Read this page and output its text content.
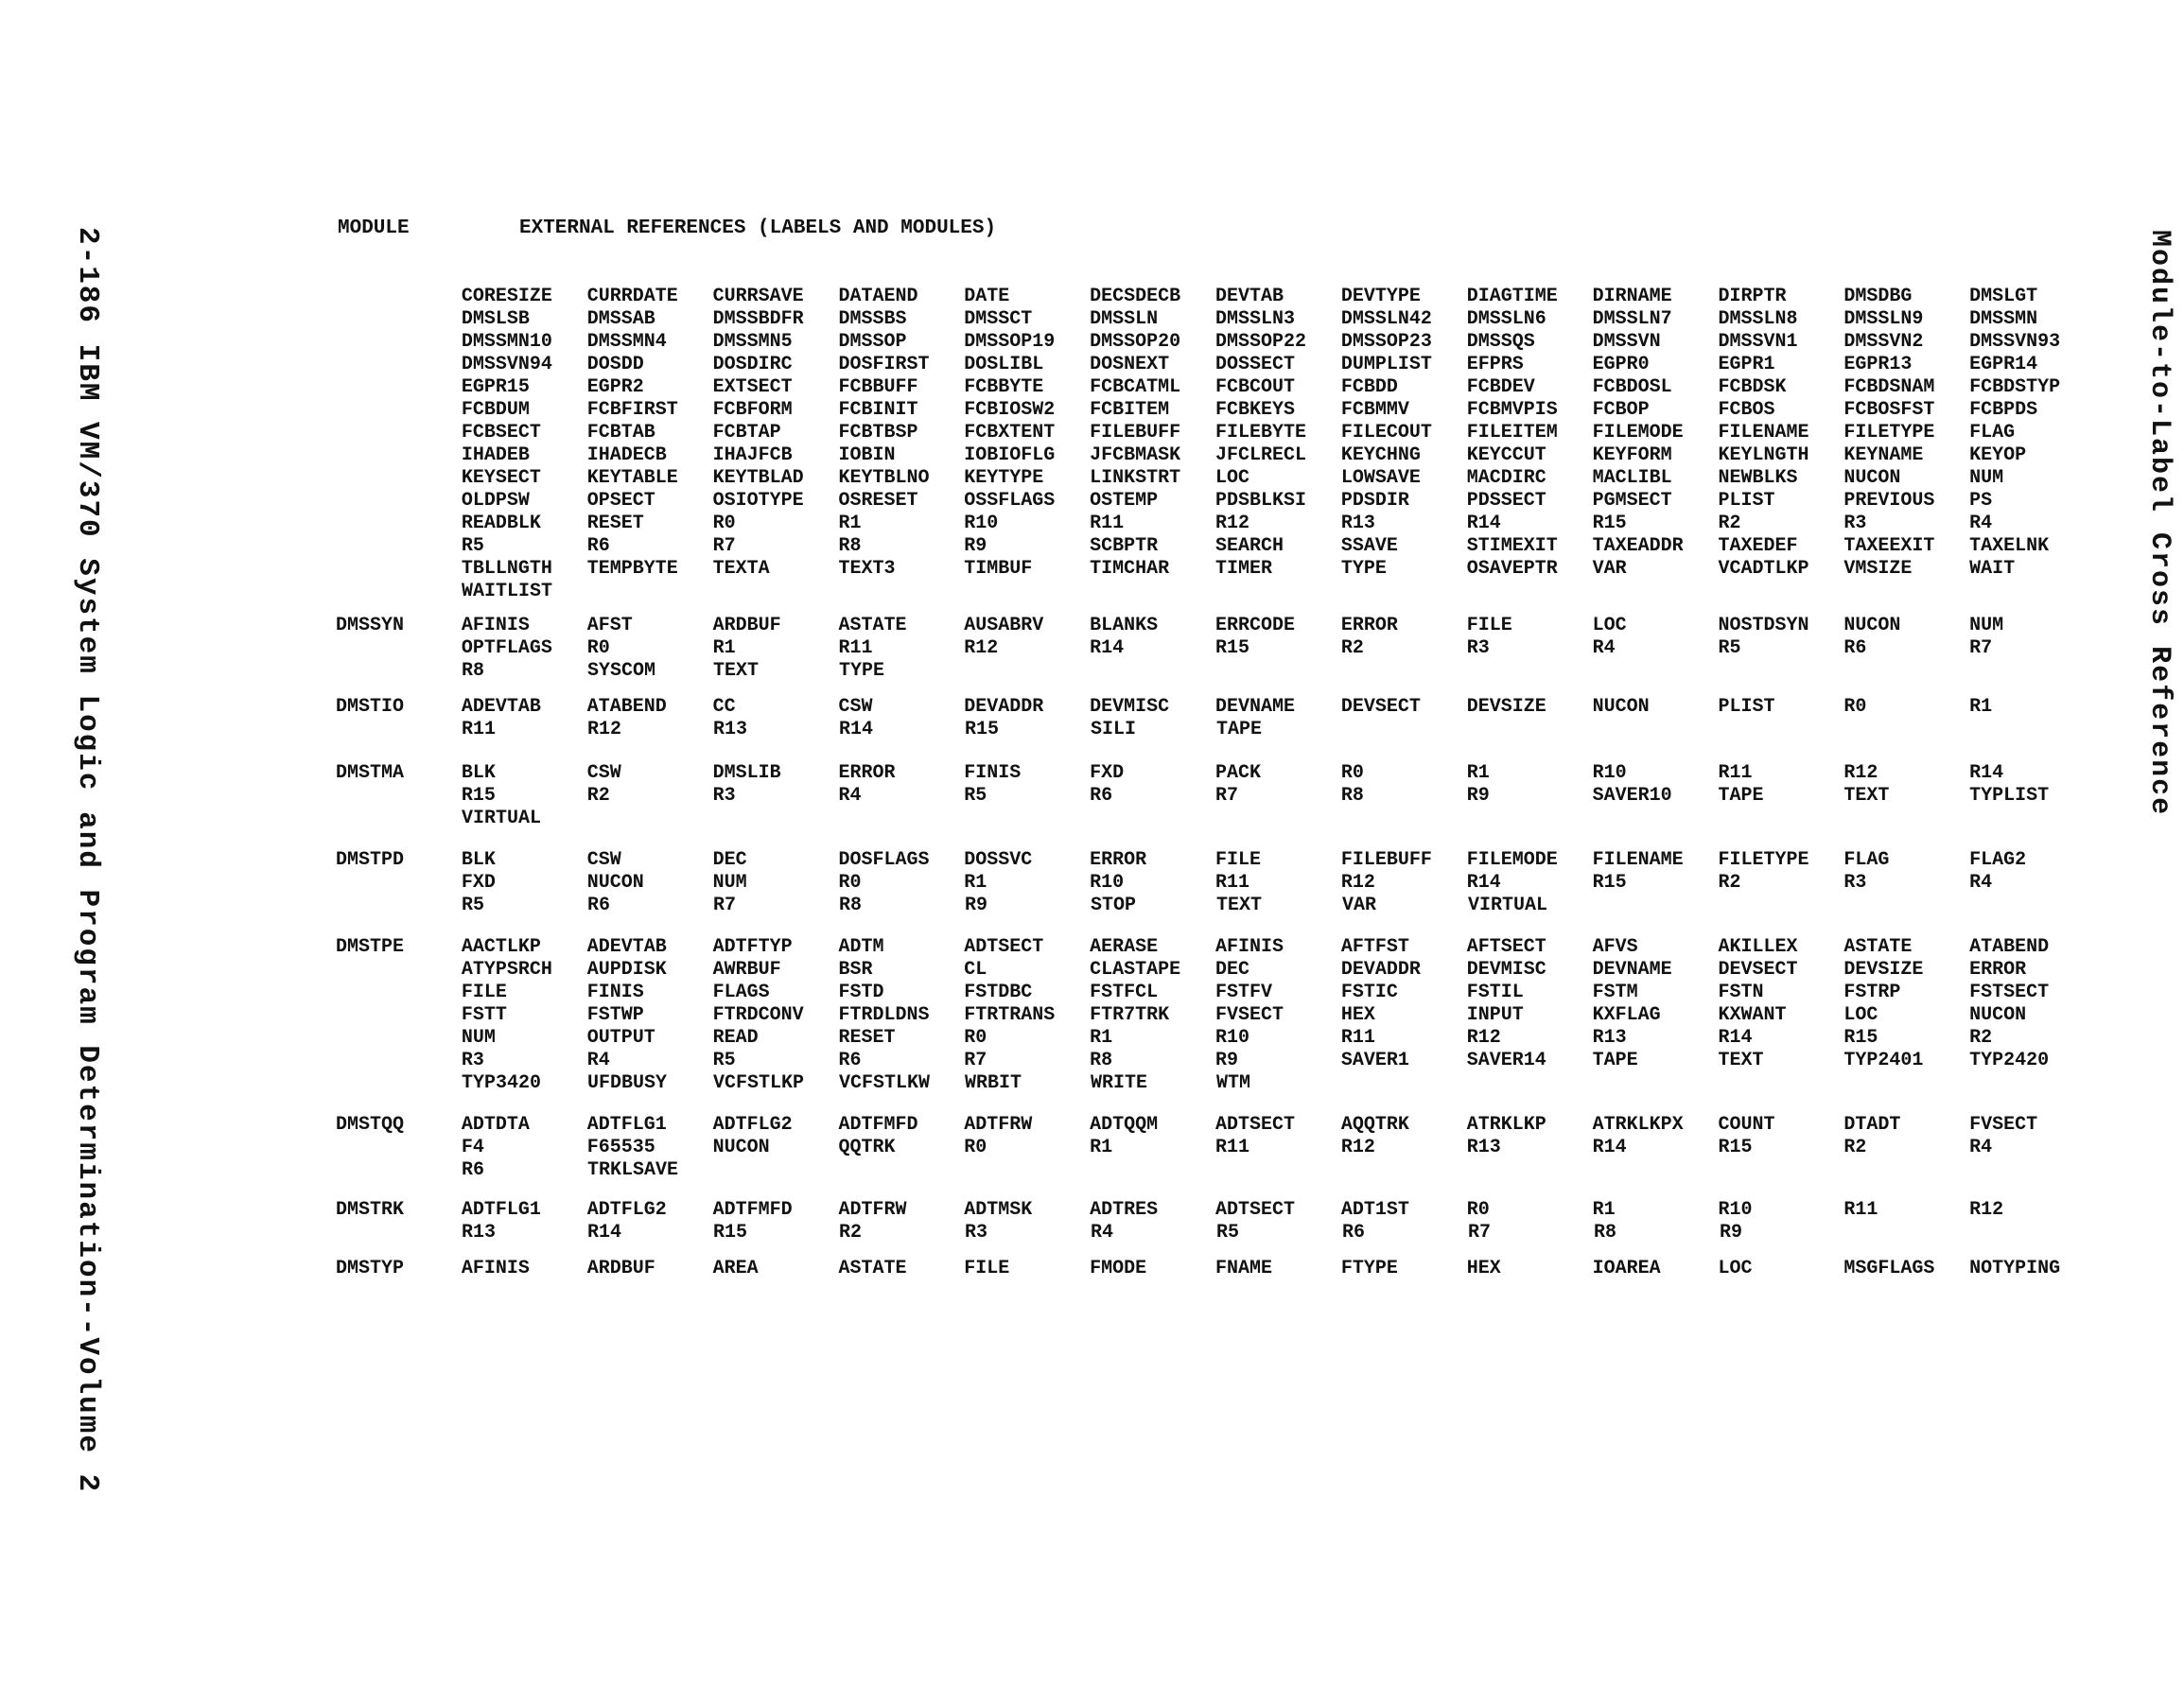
2-186 IBM VM/370 System Logic and Program Determination--Volume 2	Module-to-Label Cross Reference
MODULE	EXTERNAL REFERENCES (LABELS AND MODULES)
CORESIZE	CURRDATE	CURRSAVE	DATAEND	DATE	DECSDECB	DEVTAB	DEVTYPE	DIAGTIME	DIRNAME	DIRPTR	DMSDBG	DMSLGT
DMSLSB	DMSSAB	DMSSBDFR	DMSSBS	DMSSCT	DMSSLN	DMSSLN3	DMSSLN42	DMSSLN6	DMSSLN7	DMSSLN8	DMSSLN9	DMSSMN
DMSSMN10	DMSSMN4	DMSSMN5	DMSSOP	DMSSOP19	DMSSOP20	DMSSOP22	DMSSOP23	DMSSQS	DMSSVN	DMSSVN1	DMSSVN2	DMSSVN93
DMSSVN94	DOSDD	DOSDIRC	DOSFIRST	DOSLIBL	DOSNEXT	DOSSECT	DUMPLIST	EFPRS	EGPR0	EGPR1	EGPR13	EGPR14
EGPR15	EGPR2	EXTSECT	FCBBUFF	FCBBYTE	FCBCATML	FCBCOUT	FCBDD	FCBDEV	FCBDOSL	FCBDSK	FCBDSNAM	FCBDSTYP
FCBDUM	FCBFIRST	FCBFORM	FCBINIT	FCBIOSW2	FCBITEM	FCBKEYS	FCBMMV	FCBMVPIS	FCBOP	FCBOS	FCBOSFST	FCBPDS
FCBSECT	FCBTAB	FCBTAP	FCBTBSP	FCBXTENT	FILEBUFF	FILEBYTE	FILECOUT	FILEITEM	FILEMODE	FILENAME	FILETYPE	FLAG
IHADEB	IHADECB	IHAJFCB	IOBIN	IOBIOFLG	JFCBMASK	JFCLRECL	KEYCHNG	KEYCCUT	KEYFORM	KEYLNGTH	KEYNAME	KEYOP
KEYSECT	KEYTABLE	KEYTBLAD	KEYTBLNO	KEYTYPE	LINKSTRT	LOC	LOWSAVE	MACDIRC	MACLIBL	NEWBLKS	NUCON	NUM
OLDPSW	OPSECT	OSIOTYPE	OSRESET	OSSFLAGS	OSTEMP	PDSBLKSI	PDSDIR	PDSSECT	PGMSECT	PLIST	PREVIOUS	PS
READBLK	RESET	R0	R1	R10	R11	R12	R13	R14	R15	R2	R3	R4
R5	R6	R7	R8	R9	SCBPTR	SEARCH	SSAVE	STIMEXIT	TAXEADDR	TAXEDEF	TAXEEXIT	TAXELNK
TBLLNGTH	TEMPBYTE	TEXTA	TEXT3	TIMBUF	TIMCHAR	TIMER	TYPE	OSAVEPTR	VAR	VCADTLKP	VMSIZE	WAIT
WAITLIST
DMSSYN	AFINIS	AFST	ARDBUF	ASTATE	AUSABRV	BLANKS	ERRCODE	ERROR	FILE	LOC	NOSTDSYN	NUCON	NUM
OPTFLAGS	R0	R1	R11	R12	R14	R15	R2	R3	R4	R5	R6	R7
R8	SYSCOM	TEXT	TYPE
DMSTIO	ADEVTAB	ATABEND	CC	CSW	DEVADDR	DEVMISC	DEVNAME	DEVSECT	DEVSIZE	NUCON	PLIST	R0	R1
R11	R12	R13	R14	R15	SILI	TAPE
DMSTMA	BLK	CSW	DMSLIB	ERROR	FINIS	FXD	PACK	R0	R1	R10	R11	R12	R14
R15	R2	R3	R4	R5	R6	R7	R8	R9	SAVER10	TAPE	TEXT	TYPLIST
VIRTUAL
DMSTPD	BLK	CSW	DEC	DOSFLAGS	DOSSVC	ERROR	FILE	FILEBUFF	FILEMODE	FILENAME	FILETYPE	FLAG	FLAG2
FXD	NUCON	NUM	R0	R1	R10	R11	R12	R14	R15	R2	R3	R4
R5	R6	R7	R8	R9	STOP	TEXT	VAR	VIRTUAL
DMSTPE	AACTLKP	ADEVTAB	ADTFTYP	ADTM	ADTSECT	AERASE	AFINIS	AFTFST	AFTSECT	AFVS	AKILLEX	ASTATE	ATABEND
ATYPSRCH	AUPDISK	AWRBUF	BSR	CL	CLASTAPE	DEC	DEVADDR	DEVMISC	DEVNAME	DEVSECT	DEVSIZE	ERROR
FILE	FINIS	FLAGS	FSTD	FSTDBC	FSTFCL	FSTFV	FSTIC	FSTIL	FSTM	FSTN	FSTRP	FSTSECT
FSTT	FSTWP	FTRDCONV	FTRDLDNS	FTRTRANS	FTR7TRK	FVSECT	HEX	INPUT	KXFLAG	KXWANT	LOC	NUCON
NUM	OUTPUT	READ	RESET	R0	R1	R10	R11	R12	R13	R14	R15	R2
R3	R4	R5	R6	R7	R8	R9	SAVER1	SAVER14	TAPE	TEXT	TYP2401	TYP2420
TYP3420	UFDBUSY	VCFSTLKP	VCFSTLKW	WRBIT	WRITE	WTM
DMSTQQ	ADTDTA	ADTFLG1	ADTFLG2	ADTFMFD	ADTFRW	ADTQQM	ADTSECT	AQQTRK	ATRKLKP	ATRKLKPX	COUNT	DTADT	FVSECT
F4	F65535	NUCON	QQTRK	R0	R1	R11	R12	R13	R14	R15	R2	R4
R6	TRKLSAVE
DMSTRK	ADTFLG1	ADTFLG2	ADTFMFD	ADTFRW	ADTMSK	ADTRES	ADTSECT	ADT1ST	R0	R1	R10	R11	R12
R13	R14	R15	R2	R3	R4	R5	R6	R7	R8	R9
DMSTYP	AFINIS	ARDBUF	AREA	ASTATE	FILE	FMODE	FNAME	FTYPE	HEX	IOAREA	LOC	MSGFLAGS	NOTYPING
